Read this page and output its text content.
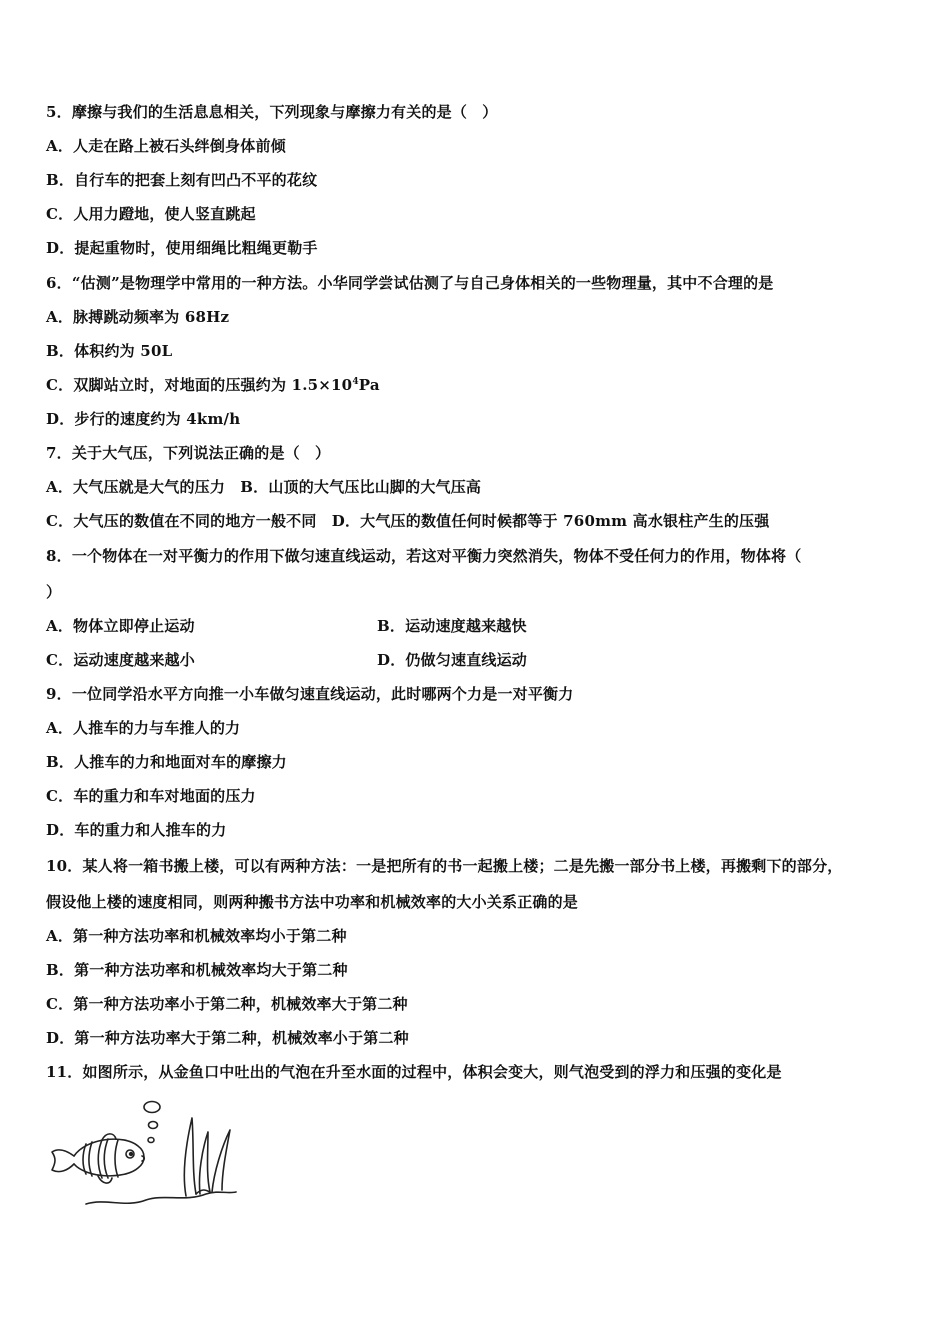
5．摩擦与我们的生活息息相关，下列现象与摩擦力有关的是（　）
A．人走在路上被石头绊倒身体前倾
B．自行车的把套上刻有凹凸不平的花纹
C．人用力蹬地，使人竖直跳起
D．提起重物时，使用细绳比粗绳更勒手
6．“估测”是物理学中常用的一种方法。小华同学尝试估测了与自己身体相关的一些物理量，其中不合理的是
A．脉搏跳动频率为 68Hz
B．体积约为 50L
C．双脚站立时，对地面的压强约为 $1.5\times 10^4Pa$
D．步行的速度约为 4km/h
7．关于大气压，下列说法正确的是（　）
A．大气压就是大气的压力　B．山顶的大气压比山脚的大气压高
C．大气压的数值在不同的地方一般不同　D．大气压的数值任何时候都等于 760mm 高水银柱产生的压强
8．一个物体在一对平衡力的作用下做匀速直线运动，若这对平衡力突然消失，物体不受任何力的作用，物体将（
）
A．物体立即停止运动	B．运动速度越来越快
C．运动速度越来越小	D．仍做匀速直线运动
9．一位同学沿水平方向推一小车做匀速直线运动，此时哪两个力是一对平衡力
A．人推车的力与车推人的力
B．人推车的力和地面对车的摩擦力
C．车的重力和车对地面的压力
D．车的重力和人推车的力
10．某人将一箱书搬上楼，可以有两种方法：一是把所有的书一起搬上楼；二是先搬一部分书上楼，再搬剩下的部分，
假设他上楼的速度相同，则两种搬书方法中功率和机械效率的大小关系正确的是
A．第一种方法功率和机械效率均小于第二种
B．第一种方法功率和机械效率均大于第二种
C．第一种方法功率小于第二种，机械效率大于第二种
D．第一种方法功率大于第二种，机械效率小于第二种
11．如图所示，从金鱼口中吐出的气泡在升至水面的过程中，体积会变大，则气泡受到的浮力和压强的变化是
